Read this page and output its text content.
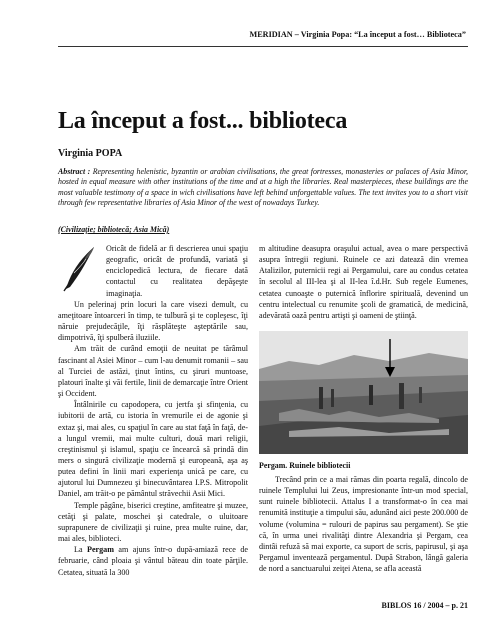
MERIDIAN – Virginia Popa: “La început a fost… Biblioteca”
La început a fost... biblioteca
Virginia POPA

Abstract : Representing helenistic, byzantin or arabian civilisations, the great fortresses, monasteries or palaces of Asia Minor, hosted in equal measure with other institutions of the time and at a high the libraries. Real masterpieces, these buildings are the most valuable testimony of a space in wich civilisations have left behind unforgettable values. The text invites you to a short visit through few representative libraries of Asia Minor of the west of nowadays Turkey.

(Civilizaţie; bibliotecă; Asia Mică)

Oricât de fidelă ar fi descrierea unui spaţiu geografic, oricât de profundă, variată şi enciclopedică lectura, de fiecare dată contactul cu realitatea depăşeşte imaginaţia.

Un pelerinaj prin locuri la care visezi demult, cu ameţitoare întoarceri în timp, te tulbură şi te copleşesc, îţi năruie prejudecăţile, îţi răsplăteşte aşteptările sau, dimpotrivă, îţi spulberă iluziile.

Am trăit de curând emoţii de neuitat pe tărâmul fascinant al Asiei Minor – cum l-au denumit romanii – sau al Turciei de astăzi, ţinut întins, cu şiruri muntoase, platouri înalte şi văi fertile, linii de demarcaţie între Orient şi Occident.

Întâlnirile cu capodopera, cu jertfa şi sfinţenia, cu iubitorii de artă, cu istoria în vremurile ei de agonie şi extaz şi, mai ales, cu spaţiul în care au stat faţă în faţă, de-a lungul vremii, mai multe culturi, două mari religii, creştinismul şi islamul, spaţiu ce încearcă să prindă din mers o singură civilizaţie modernă şi europeană, aşa aş putea defini în linii mari experienţa unică pe care, cu ajutorul lui Dumnezeu şi binecuvântarea I.P.S. Mitropolit Daniel, am trăit-o pe pământul străvechii Asii Mici.

Temple păgâne, biserici creştine, amfiteatre şi muzee, cetăţi şi palate, moschei şi catedrale, o uluitoare suprapunere de civilizaţii şi ruine, prea multe ruine, dar, mai ales, biblioteci.

La Pergam am ajuns într-o după-amiază rece de februarie, când ploaia şi vântul băteau din toate părţile. Cetatea, situată la 300

m altitudine deasupra oraşului actual, avea o mare perspectivă asupra întregii regiuni. Ruinele ce azi datează din vremea Atalizilor, puternicii regi ai Pergamului, care au condus cetatea în secolul al III-lea şi al II-lea î.d.Hr. Sub regele Eumenes, cetatea cunoaşte o puternică înflorire spirituală, devenind un centru intelectual cu renumite şcoli de gramatică, de medicină, adevărată oază pentru artişti şi oameni de ştiinţă.

Pergam. Ruinele bibliotecii

Trecând prin ce a mai rămas din poarta regală, dincolo de ruinele Templului lui Zeus, impresionante într-un mod special, sunt ruinele bibliotecii. Attalus I a transformat-o în cea mai renumită instituţie a timpului său, adunând aici peste 200.000 de volume (volumina = rulouri de papirus sau pergament). Se ştie că, în urma unei rivalităţi dintre Alexandria şi Pergam, cea dintâi refuză să mai exporte, ca suport de scris, papirusul, şi aşa Pergamul inventează pergamentul. După Strabon, lângă galeria de nord a sanctuarului zeiţei Atena, se afla această

BIBLOS 16 / 2004 – p. 21
